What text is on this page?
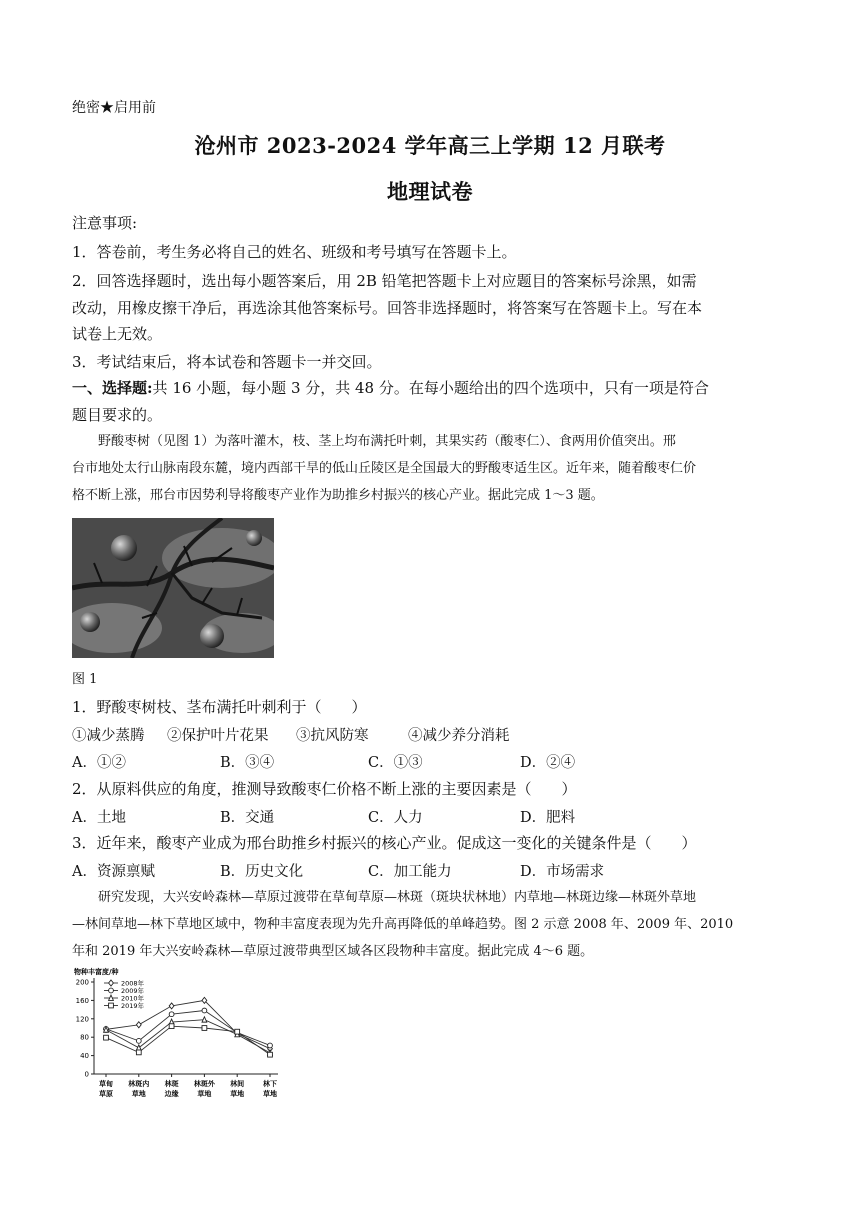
绝密★启用前
沧州市 2023-2024 学年高三上学期 12 月联考
地理试卷
注意事项:
1．答卷前，考生务必将自己的姓名、班级和考号填写在答题卡上。
2．回答选择题时，选出每小题答案后，用 2B 铅笔把答题卡上对应题目的答案标号涂黑，如需
改动，用橡皮擦干净后，再选涂其他答案标号。回答非选择题时，将答案写在答题卡上。写在本
试卷上无效。
3．考试结束后，将本试卷和答题卡一并交回。
一、选择题:共 16 小题，每小题 3 分，共 48 分。在每小题给出的四个选项中，只有一项是符合
题目要求的。
野酸枣树（见图 1）为落叶灌木，枝、茎上均布满托叶刺，其果实药（酸枣仁）、食两用价值突出。邢
台市地处太行山脉南段东麓，境内西部干旱的低山丘陵区是全国最大的野酸枣适生区。近年来，随着酸枣仁价
格不断上涨，邢台市因势利导将酸枣产业作为助推乡村振兴的核心产业。据此完成 1～3 题。
图 1
1．野酸枣树枝、茎布满托叶刺利于（　　）
①减少蒸腾	②保护叶片花果	③抗风防寒	④减少养分消耗
A．①②	B．③④	C．①③	D．②④
2．从原料供应的角度，推测导致酸枣仁价格不断上涨的主要因素是（　　）
A．土地	B．交通	C．人力	D．肥料
3．近年来，酸枣产业成为邢台助推乡村振兴的核心产业。促成这一变化的关键条件是（　　）
A．资源禀赋	B．历史文化	C．加工能力	D．市场需求
研究发现，大兴安岭森林—草原过渡带在草甸草原—林斑（斑块状林地）内草地—林斑边缘—林斑外草地
—林间草地—林下草地区域中，物种丰富度表现为先升高再降低的单峰趋势。图 2 示意 2008 年、2009 年、2010
年和 2019 年大兴安岭森林—草原过渡带典型区域各区段物种丰富度。据此完成 4～6 题。
物种丰富度/种
0
40
80
120
160
200
草甸
草原
林斑内
草地
林斑
边缘
林斑外
草地
林间
草地
林下
草地
2008年
2009年
2010年
2019年
